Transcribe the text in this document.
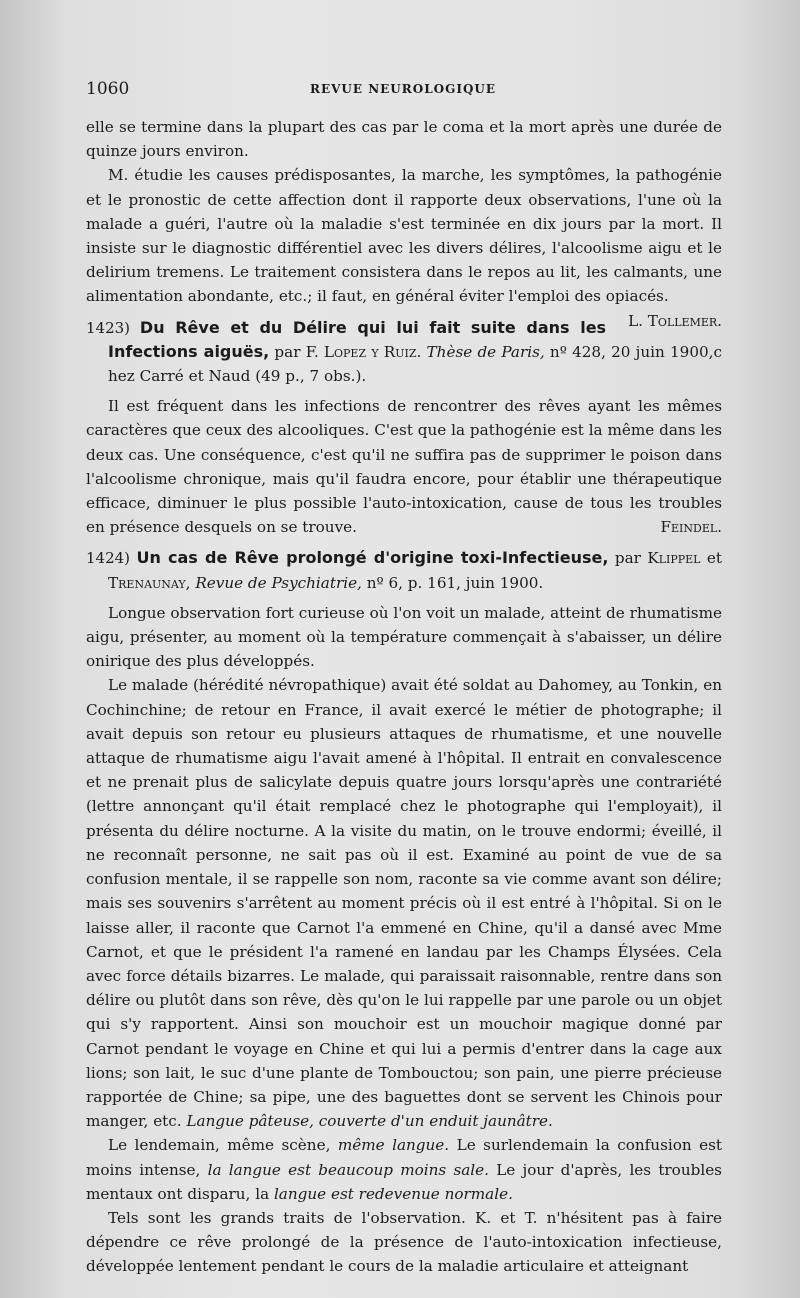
1060	REVUE NEUROLOGIQUE

elle se termine dans la plupart des cas par le coma et la mort après une durée de quinze jours environ.

M. étudie les causes prédisposantes, la marche, les symptômes, la pathogénie et le pronostic de cette affection dont il rapporte deux observations, l'une où la malade a guéri, l'autre où la maladie s'est terminée en dix jours par la mort. Il insiste sur le diagnostic différentiel avec les divers délires, l'alcoolisme aigu et le delirium tremens. Le traitement consistera dans le repos au lit, les calmants, une alimentation abondante, etc.; il faut, en général éviter l'emploi des opiacés.
L. Tollemer.

1423) Du Rêve et du Délire qui lui fait suite dans les Infections aiguës, par F. Lopez y Ruiz. Thèse de Paris, nº 428, 20 juin 1900,c hez Carré et Naud (49 p., 7 obs.).

Il est fréquent dans les infections de rencontrer des rêves ayant les mêmes caractères que ceux des alcooliques. C'est que la pathogénie est la même dans les deux cas. Une conséquence, c'est qu'il ne suffira pas de supprimer le poison dans l'alcoolisme chronique, mais qu'il faudra encore, pour établir une thérapeutique efficace, diminuer le plus possible l'auto-intoxication, cause de tous les troubles en présence desquels on se trouve.	Feindel.

1424) Un cas de Rêve prolongé d'origine toxi-Infectieuse, par Klippel et Trenaunay, Revue de Psychiatrie, nº 6, p. 161, juin 1900.

Longue observation fort curieuse où l'on voit un malade, atteint de rhumatisme aigu, présenter, au moment où la température commençait à s'abaisser, un délire onirique des plus développés.

Le malade (hérédité névropathique) avait été soldat au Dahomey, au Tonkin, en Cochinchine; de retour en France, il avait exercé le métier de photographe; il avait depuis son retour eu plusieurs attaques de rhumatisme, et une nouvelle attaque de rhumatisme aigu l'avait amené à l'hôpital. Il entrait en convalescence et ne prenait plus de salicylate depuis quatre jours lorsqu'après une contrariété (lettre annonçant qu'il était remplacé chez le photographe qui l'employait), il présenta du délire nocturne. A la visite du matin, on le trouve endormi; éveillé, il ne reconnaît personne, ne sait pas où il est. Examiné au point de vue de sa confusion mentale, il se rappelle son nom, raconte sa vie comme avant son délire; mais ses souvenirs s'arrêtent au moment précis où il est entré à l'hôpital. Si on le laisse aller, il raconte que Carnot l'a emmené en Chine, qu'il a dansé avec Mme Carnot, et que le président l'a ramené en landau par les Champs Élysées. Cela avec force détails bizarres. Le malade, qui paraissait raisonnable, rentre dans son délire ou plutôt dans son rêve, dès qu'on le lui rappelle par une parole ou un objet qui s'y rapportent. Ainsi son mouchoir est un mouchoir magique donné par Carnot pendant le voyage en Chine et qui lui a permis d'entrer dans la cage aux lions; son lait, le suc d'une plante de Tombouctou; son pain, une pierre précieuse rapportée de Chine; sa pipe, une des baguettes dont se servent les Chinois pour manger, etc. Langue pâteuse, couverte d'un enduit jaunâtre.

Le lendemain, même scène, même langue. Le surlendemain la confusion est moins intense, la langue est beaucoup moins sale. Le jour d'après, les troubles mentaux ont disparu, la langue est redevenue normale.

Tels sont les grands traits de l'observation. K. et T. n'hésitent pas à faire dépendre ce rêve prolongé de la présence de l'auto-intoxication infectieuse, développée lentement pendant le cours de la maladie articulaire et atteignant
